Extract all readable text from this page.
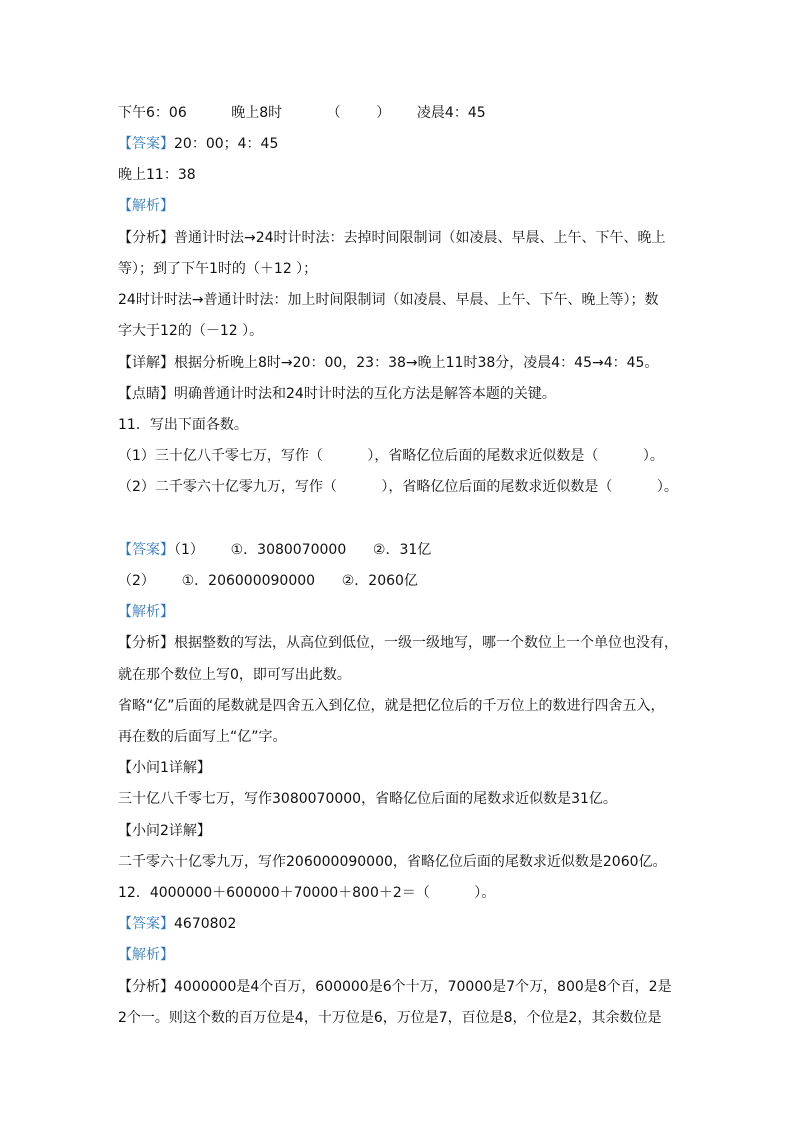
下午6：06          晚上8时          （        ）      凌晨4：45
【答案】20：00；4：45
晚上11：38
【解析】
【分析】普通计时法→24时计时法：去掉时间限制词（如凌晨、早晨、上午、下午、晚上
等）；到了下午1时的（＋12 ）；
24时计时法→普通计时法：加上时间限制词（如凌晨、早晨、上午、下午、晚上等）；数
字大于12的（－12 ）。
【详解】根据分析晚上8时→20：00，23：38→晚上11时38分，凌晨4：45→4：45。
【点睛】明确普通计时法和24时计时法的互化方法是解答本题的关键。
11．写出下面各数。
（1）三十亿八千零七万，写作（          ），省略亿位后面的尾数求近似数是（          ）。
（2）二千零六十亿零九万，写作（          ），省略亿位后面的尾数求近似数是（          ）。
【答案】（1）      ①．3080070000      ②．31亿
（2）      ①．206000090000      ②．2060亿
【解析】
【分析】根据整数的写法，从高位到低位，一级一级地写，哪一个数位上一个单位也没有，
就在那个数位上写0，即可写出此数。
省略“亿”后面的尾数就是四舍五入到亿位，就是把亿位后的千万位上的数进行四舍五入，
再在数的后面写上“亿”字。
【小问1详解】
三十亿八千零七万，写作3080070000，省略亿位后面的尾数求近似数是31亿。
【小问2详解】
二千零六十亿零九万，写作206000090000，省略亿位后面的尾数求近似数是2060亿。
12．4000000＋600000＋70000＋800＋2＝（          ）。
【答案】4670802
【解析】
【分析】4000000是4个百万，600000是6个十万，70000是7个万，800是8个百，2是
2个一。则这个数的百万位是4，十万位是6，万位是7，百位是8，个位是2，其余数位是
